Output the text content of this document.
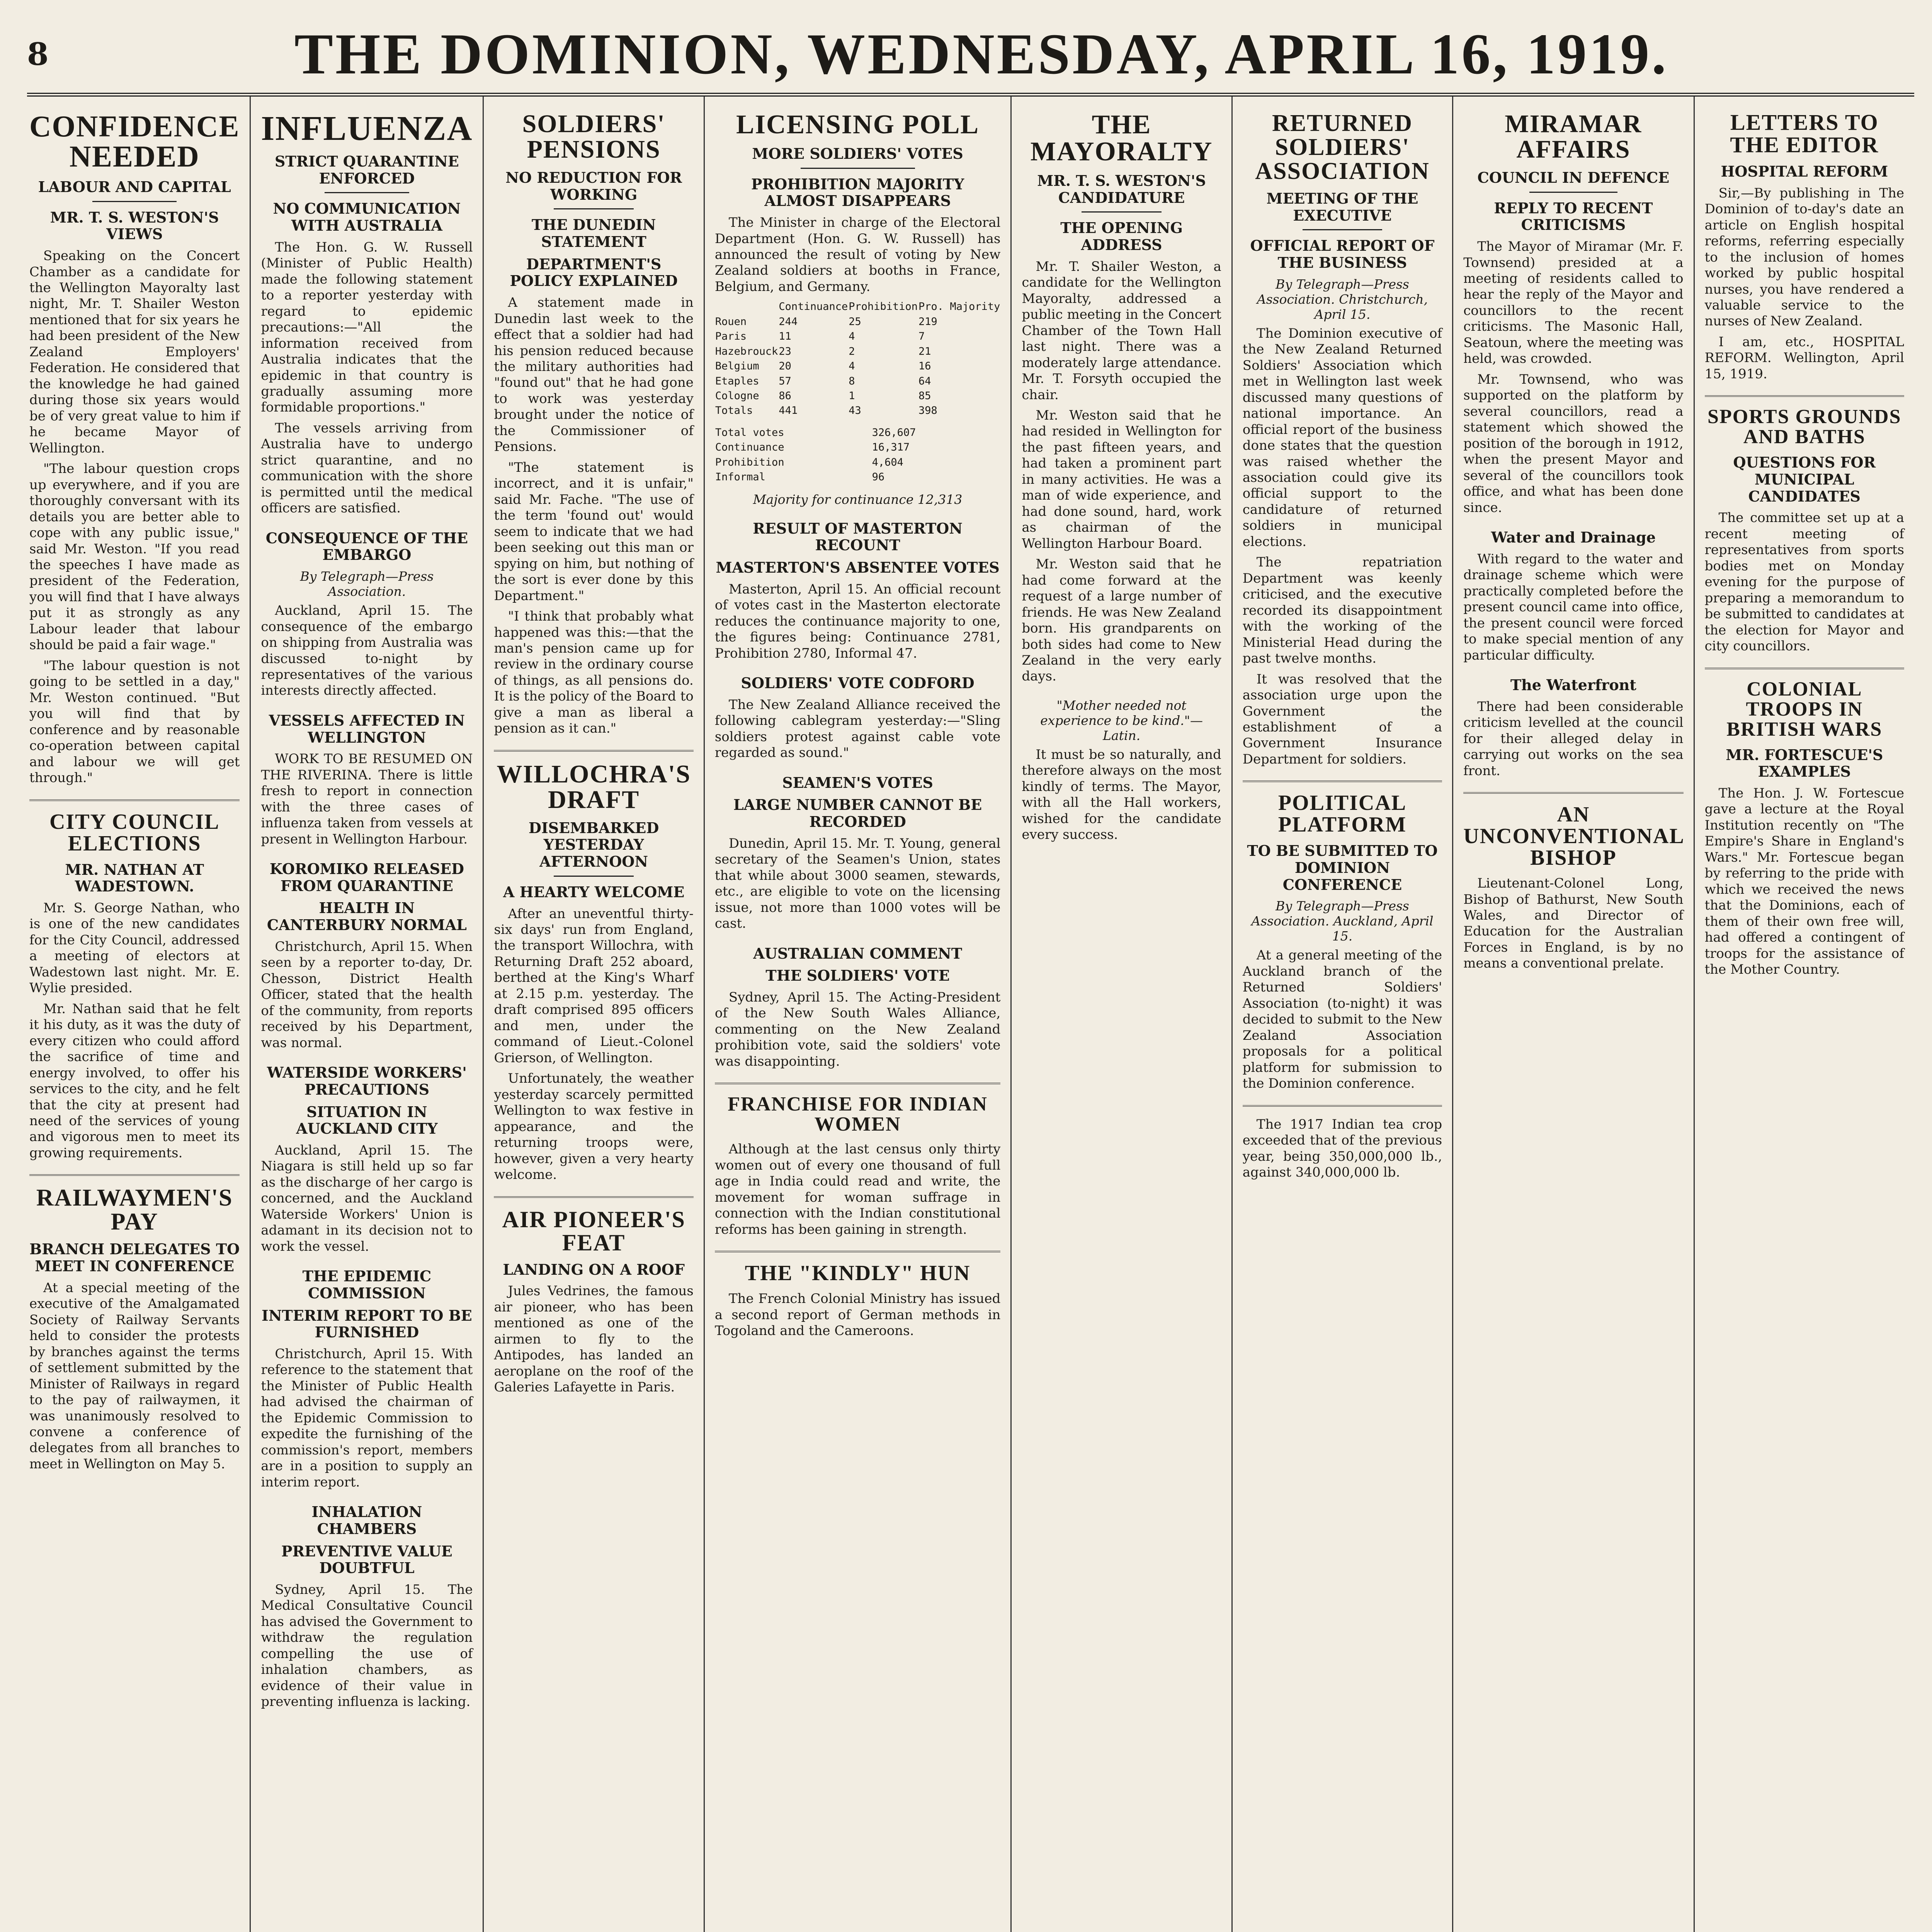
8	THE DOMINION, WEDNESDAY, APRIL 16, 1919.
CONFIDENCE NEEDED
LABOUR AND CAPITAL
MR. T. S. WESTON'S VIEWS

Speaking on the Concert Chamber as a candidate for the Wellington Mayoralty last night, Mr. T. Shailer Weston mentioned that for six years he had been president of the New Zealand Employers' Federation. He considered that the knowledge he had gained during those six years would be of very great value to him if he became Mayor of Wellington.

"The labour question crops up everywhere, and if you are thoroughly conversant with its details you are better able to cope with any public issue," said Mr. Weston. "If you read the speeches I have made as president of the Federation, you will find that I have always put it as strongly as any Labour leader that labour should be paid a fair wage."

"The labour question is not going to be settled in a day," Mr. Weston continued. "But you will find that by conference and by reasonable co-operation between capital and labour we will get through."

CITY COUNCIL ELECTIONS
MR. NATHAN AT WADESTOWN.

Mr. S. George Nathan, who is one of the new candidates for the City Council, addressed a meeting of electors at Wadestown last night. Mr. E. Wylie presided.

Mr. Nathan said that he felt it his duty, as it was the duty of every citizen who could afford the sacrifice of time and energy involved, to offer his services to the city, and he felt that the city at present had need of the services of young and vigorous men to meet its growing requirements.

RAILWAYMEN'S PAY
BRANCH DELEGATES TO MEET IN CONFERENCE

At a special meeting of the executive of the Amalgamated Society of Railway Servants held to consider the protests by branches against the terms of settlement submitted by the Minister of Railways in regard to the pay of railwaymen, it was unanimously resolved to convene a conference of delegates from all branches to meet in Wellington on May 5.

INFLUENZA
STRICT QUARANTINE ENFORCED
NO COMMUNICATION WITH AUSTRALIA

The Hon. G. W. Russell (Minister of Public Health) made the following statement to a reporter yesterday with regard to epidemic precautions:—"All the information received from Australia indicates that the epidemic in that country is gradually assuming more formidable proportions."

The vessels arriving from Australia have to undergo strict quarantine, and no communication with the shore is permitted until the medical officers are satisfied.

CONSEQUENCE OF THE EMBARGO
By Telegraph—Press Association.

Auckland, April 15. The consequence of the embargo on shipping from Australia was discussed to-night by representatives of the various interests directly affected.

VESSELS AFFECTED IN WELLINGTON

WORK TO BE RESUMED ON THE RIVERINA. There is little fresh to report in connection with the three cases of influenza taken from vessels at present in Wellington Harbour.

KOROMIKO RELEASED FROM QUARANTINE
HEALTH IN CANTERBURY NORMAL

Christchurch, April 15. When seen by a reporter to-day, Dr. Chesson, District Health Officer, stated that the health of the community, from reports received by his Department, was normal.

WATERSIDE WORKERS' PRECAUTIONS
SITUATION IN AUCKLAND CITY

Auckland, April 15. The Niagara is still held up so far as the discharge of her cargo is concerned, and the Auckland Waterside Workers' Union is adamant in its decision not to work the vessel.

THE EPIDEMIC COMMISSION
INTERIM REPORT TO BE FURNISHED

Christchurch, April 15. With reference to the statement that the Minister of Public Health had advised the chairman of the Epidemic Commission to expedite the furnishing of the commission's report, members are in a position to supply an interim report.

INHALATION CHAMBERS
PREVENTIVE VALUE DOUBTFUL

Sydney, April 15. The Medical Consultative Council has advised the Government to withdraw the regulation compelling the use of inhalation chambers, as evidence of their value in preventing influenza is lacking.

SOLDIERS' PENSIONS
NO REDUCTION FOR WORKING
THE DUNEDIN STATEMENT
DEPARTMENT'S POLICY EXPLAINED

A statement made in Dunedin last week to the effect that a soldier had had his pension reduced because the military authorities had "found out" that he had gone to work was yesterday brought under the notice of the Commissioner of Pensions.

"The statement is incorrect, and it is unfair," said Mr. Fache. "The use of the term 'found out' would seem to indicate that we had been seeking out this man or spying on him, but nothing of the sort is ever done by this Department."

"I think that probably what happened was this:—that the man's pension came up for review in the ordinary course of things, as all pensions do. It is the policy of the Board to give a man as liberal a pension as it can."

WILLOCHRA'S DRAFT
DISEMBARKED YESTERDAY AFTERNOON
A HEARTY WELCOME

After an uneventful thirty-six days' run from England, the transport Willochra, with Returning Draft 252 aboard, berthed at the King's Wharf at 2.15 p.m. yesterday. The draft comprised 895 officers and men, under the command of Lieut.-Colonel Grierson, of Wellington.

Unfortunately, the weather yesterday scarcely permitted Wellington to wax festive in appearance, and the returning troops were, however, given a very hearty welcome.

AIR PIONEER'S FEAT
LANDING ON A ROOF

Jules Vedrines, the famous air pioneer, who has been mentioned as one of the airmen to fly to the Antipodes, has landed an aeroplane on the roof of the Galeries Lafayette in Paris.

LICENSING POLL
MORE SOLDIERS' VOTES
PROHIBITION MAJORITY ALMOST DISAPPEARS

The Minister in charge of the Electoral Department (Hon. G. W. Russell) has announced the result of voting by New Zealand soldiers at booths in France, Belgium, and Germany.

	Continuance	Prohibition	Pro. Majority
Rouen	244	25	219
Paris	11	4	7
Hazebrouck	23	2	21
Belgium	20	4	16
Etaples	57	8	64
Cologne	86	1	85
Totals	441	43	398
Total votes	326,607
Continuance	16,317
Prohibition	4,604
Informal	96
Majority for continuance 12,313
RESULT OF MASTERTON RECOUNT
MASTERTON'S ABSENTEE VOTES

Masterton, April 15. An official recount of votes cast in the Masterton electorate reduces the continuance majority to one, the figures being: Continuance 2781, Prohibition 2780, Informal 47.

SOLDIERS' VOTE CODFORD

The New Zealand Alliance received the following cablegram yesterday:—"Sling soldiers protest against cable vote regarded as sound."

SEAMEN'S VOTES
LARGE NUMBER CANNOT BE RECORDED

Dunedin, April 15. Mr. T. Young, general secretary of the Seamen's Union, states that while about 3000 seamen, stewards, etc., are eligible to vote on the licensing issue, not more than 1000 votes will be cast.

AUSTRALIAN COMMENT
THE SOLDIERS' VOTE

Sydney, April 15. The Acting-President of the New South Wales Alliance, commenting on the New Zealand prohibition vote, said the soldiers' vote was disappointing.

FRANCHISE FOR INDIAN WOMEN

Although at the last census only thirty women out of every one thousand of full age in India could read and write, the movement for woman suffrage in connection with the Indian constitutional reforms has been gaining in strength.

THE "KINDLY" HUN

The French Colonial Ministry has issued a second report of German methods in Togoland and the Cameroons.

THE MAYORALTY
MR. T. S. WESTON'S CANDIDATURE
THE OPENING ADDRESS

Mr. T. Shailer Weston, a candidate for the Wellington Mayoralty, addressed a public meeting in the Concert Chamber of the Town Hall last night. There was a moderately large attendance. Mr. T. Forsyth occupied the chair.

Mr. Weston said that he had resided in Wellington for the past fifteen years, and had taken a prominent part in many activities. He was a man of wide experience, and had done sound, hard, work as chairman of the Wellington Harbour Board.

Mr. Weston said that he had come forward at the request of a large number of friends. He was New Zealand born. His grandparents on both sides had come to New Zealand in the very early days.

"Mother needed not experience to be kind."—Latin.

It must be so naturally, and therefore always on the most kindly of terms. The Mayor, with all the Hall workers, wished for the candidate every success.

RETURNED SOLDIERS' ASSOCIATION
MEETING OF THE EXECUTIVE
OFFICIAL REPORT OF THE BUSINESS
By Telegraph—Press Association. Christchurch, April 15.

The Dominion executive of the New Zealand Returned Soldiers' Association which met in Wellington last week discussed many questions of national importance. An official report of the business done states that the question was raised whether the association could give its official support to the candidature of returned soldiers in municipal elections.

The repatriation Department was keenly criticised, and the executive recorded its disappointment with the working of the Ministerial Head during the past twelve months.

It was resolved that the association urge upon the Government the establishment of a Government Insurance Department for soldiers.

POLITICAL PLATFORM
TO BE SUBMITTED TO DOMINION CONFERENCE
By Telegraph—Press Association. Auckland, April 15.

At a general meeting of the Auckland branch of the Returned Soldiers' Association (to-night) it was decided to submit to the New Zealand Association proposals for a political platform for submission to the Dominion conference.

The 1917 Indian tea crop exceeded that of the previous year, being 350,000,000 lb., against 340,000,000 lb.

MIRAMAR AFFAIRS
COUNCIL IN DEFENCE
REPLY TO RECENT CRITICISMS

The Mayor of Miramar (Mr. F. Townsend) presided at a meeting of residents called to hear the reply of the Mayor and councillors to the recent criticisms. The Masonic Hall, Seatoun, where the meeting was held, was crowded.

Mr. Townsend, who was supported on the platform by several councillors, read a statement which showed the position of the borough in 1912, when the present Mayor and several of the councillors took office, and what has been done since.

Water and Drainage

With regard to the water and drainage scheme which were practically completed before the present council came into office, the present council were forced to make special mention of any particular difficulty.

The Waterfront

There had been considerable criticism levelled at the council for their alleged delay in carrying out works on the sea front.

AN UNCONVENTIONAL BISHOP

Lieutenant-Colonel Long, Bishop of Bathurst, New South Wales, and Director of Education for the Australian Forces in England, is by no means a conventional prelate.

LETTERS TO THE EDITOR
HOSPITAL REFORM

Sir,—By publishing in The Dominion of to-day's date an article on English hospital reforms, referring especially to the inclusion of homes worked by public hospital nurses, you have rendered a valuable service to the nurses of New Zealand.

I am, etc., HOSPITAL REFORM. Wellington, April 15, 1919.

SPORTS GROUNDS AND BATHS
QUESTIONS FOR MUNICIPAL CANDIDATES

The committee set up at a recent meeting of representatives from sports bodies met on Monday evening for the purpose of preparing a memorandum to be submitted to candidates at the election for Mayor and city councillors.

COLONIAL TROOPS IN BRITISH WARS
MR. FORTESCUE'S EXAMPLES

The Hon. J. W. Fortescue gave a lecture at the Royal Institution recently on "The Empire's Share in England's Wars." Mr. Fortescue began by referring to the pride with which we received the news that the Dominions, each of them of their own free will, had offered a contingent of troops for the assistance of the Mother Country.
